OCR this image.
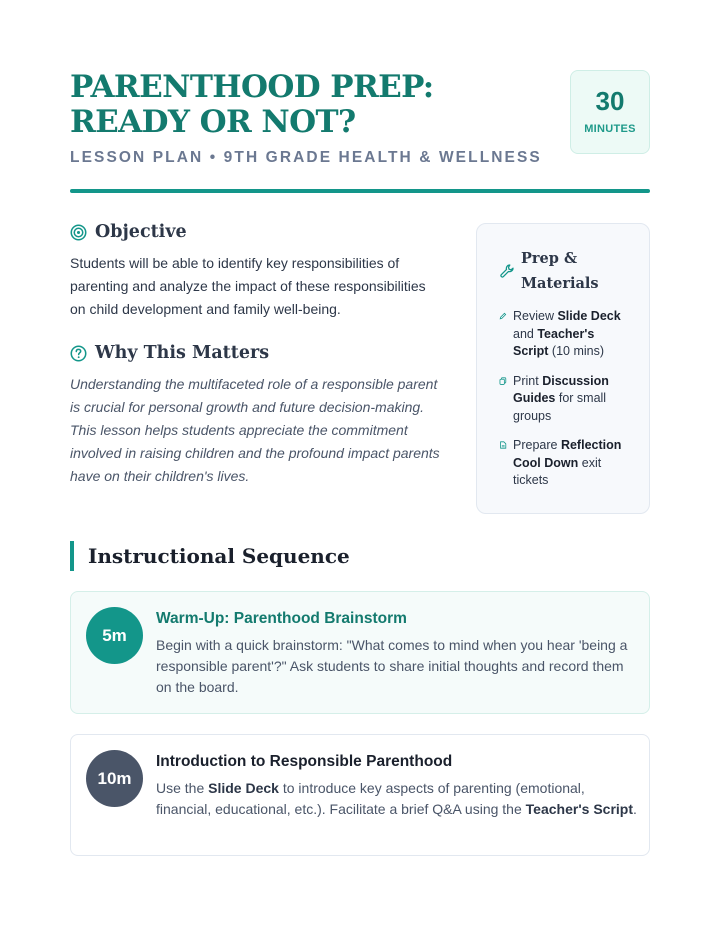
PARENTHOOD PREP: READY OR NOT?
LESSON PLAN • 9TH GRADE HEALTH & WELLNESS
30
MINUTES
Objective

Students will be able to identify key responsibilities of parenting and analyze the impact of these responsibilities on child development and family well-being.

Why This Matters

Understanding the multifaceted role of a responsible parent is crucial for personal growth and future decision-making. This lesson helps students appreciate the commitment involved in raising children and the profound impact parents have on their children's lives.

Prep &
Materials
Review Slide Deck and Teacher's Script (10 mins)
Print Discussion Guides for small groups
Prepare Reflection Cool Down exit tickets
Instructional Sequence
5m
Warm-Up: Parenthood Brainstorm

Begin with a quick brainstorm: "What comes to mind when you hear 'being a responsible parent'?" Ask students to share initial thoughts and record them on the board.

10m
Introduction to Responsible Parenthood

Use the Slide Deck to introduce key aspects of parenting (emotional, financial, educational, etc.). Facilitate a brief Q&A using the Teacher's Script.
